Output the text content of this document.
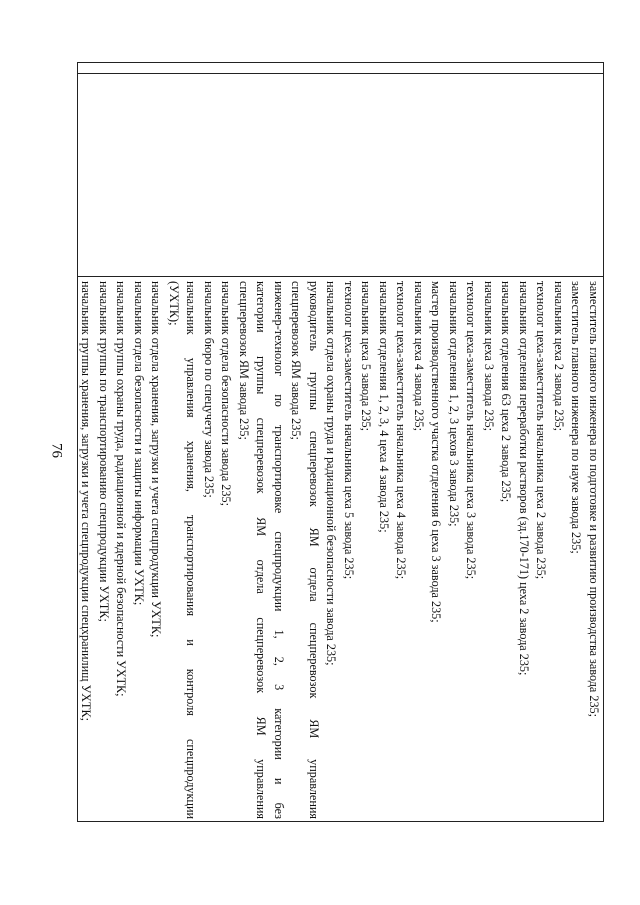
76	заместитель главного инженера по подготовке и развитию производства завода 235;
заместитель главного инженера по науке завода 235;
начальник цеха 2 завода 235;
технолог цеха-заместитель начальника цеха 2 завода 235;
начальник отделения переработки растворов (зд.170-171) цеха 2 завода 235;
начальник отделения 63 цеха 2 завода 235;
начальник цеха 3 завода 235;
технолог цеха-заместитель начальника цеха 3 завода 235;
начальник отделения 1, 2, 3 цехов 3 завода 235;
мастер производственного участка отделения 6 цеха 3 завода 235;
начальник цеха 4 завода 235;
технолог цеха-заместитель начальника цеха 4 завода 235;
начальник отделения 1, 2, 3, 4 цеха 4 завода 235;
начальник цеха 5 завода 235;
технолог цеха-заместитель начальника цеха 5 завода 235;
начальник отдела охраны труда и радиационной безопасности завода 235;
руководитель группы спецперевозок ЯМ отдела спецперевозок ЯМ управления
спецперевозок ЯМ завода 235;
инженер-технолог по транспортировке спецпродукции 1, 2, 3 категории и без
категории группы спецперевозок ЯМ отдела спецперевозок ЯМ управления
спецперевозок ЯМ завода 235;
начальник отдела безопасности завода 235;
начальник бюро по спецучету завода 235;
начальник управления хранения, транспортирования и контроля спецпродукции
(УХТК);
начальник отдела хранения, загрузки и учета спецпродукции УХТК;
начальник отдела безопасности и защиты информации УХТК;
начальник группы охраны труда, радиационной и ядерной безопасности УХТК;
начальник группы по транспортированию спецпродукции УХТК;
начальник группы хранения, загрузки и учета спецпродукции спецхранилищ УХТК;
